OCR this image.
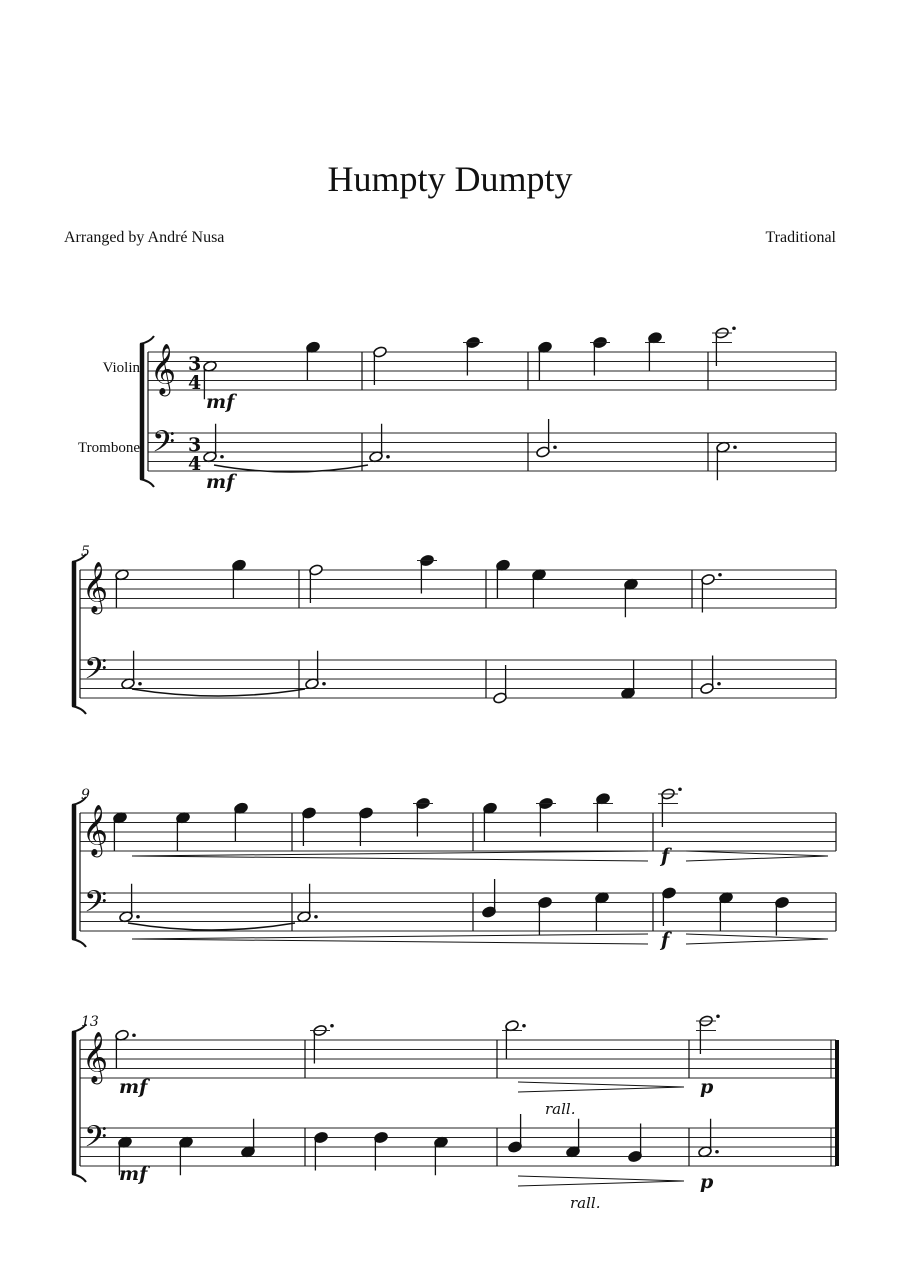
Humpty Dumpty
Arranged by André Nusa	Traditional
Violin
Trombone
𝄞
𝄢
3
4
3
4
𝄞
𝄢
5
𝄞
𝄢
9
𝄞
𝄢
13
mf
mf
f
f
mf
mf
rall.
p
rall.
p
